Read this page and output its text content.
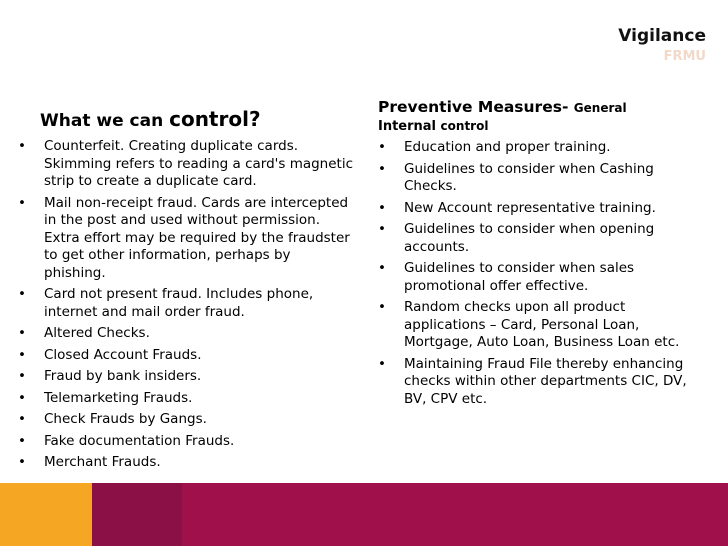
Vigilance
FRMU
What we can control?	Preventive Measures- General
Internal control
• Counterfeit. Creating duplicate cards. Skimming refers to reading a card's magnetic strip to create a duplicate card.
• Mail non-receipt fraud. Cards are intercepted in the post and used without permission. Extra effort may be required by the fraudster to get other information, perhaps by phishing.
• Card not present fraud. Includes phone, internet and mail order fraud.
• Altered Checks.
• Closed Account Frauds.
• Fraud by bank insiders.
• Telemarketing Frauds.
• Check Frauds by Gangs.
• Fake documentation Frauds.
• Merchant Frauds.
• Education and proper training.
• Guidelines to consider when Cashing Checks.
• New Account representative training.
• Guidelines to consider when opening accounts.
• Guidelines to consider when sales promotional offer effective.
• Random checks upon all product applications – Card, Personal Loan, Mortgage, Auto Loan, Business Loan etc.
• Maintaining Fraud File thereby enhancing checks within other departments CIC, DV, BV, CPV etc.
